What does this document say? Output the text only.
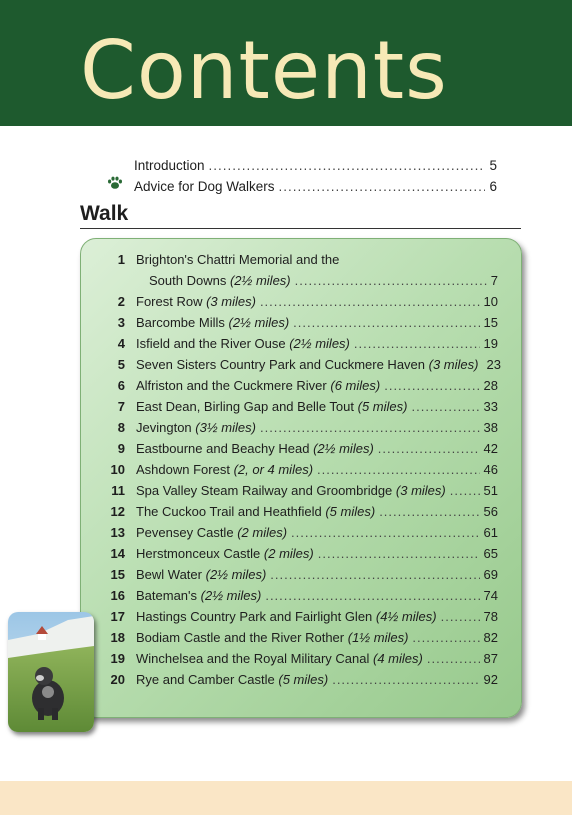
Contents
Introduction .....	5
Advice for Dog Walkers .....	6
Walk
1 Brighton's Chattri Memorial and the
South Downs (2½ miles) .....	7
2 Forest Row (3 miles) .....	10
3 Barcombe Mills (2½ miles) .....	15
4 Isfield and the River Ouse (2½ miles) .....	19
5 Seven Sisters Country Park and Cuckmere Haven (3 miles) 23
6 Alfriston and the Cuckmere River (6 miles) .....	28
7 East Dean, Birling Gap and Belle Tout (5 miles) .....	33
8 Jevington (3½ miles) .....	38
9 Eastbourne and Beachy Head (2½ miles) .....	42
10 Ashdown Forest (2, or 4 miles) .....	46
11 Spa Valley Steam Railway and Groombridge (3 miles) .....	51
12 The Cuckoo Trail and Heathfield (5 miles) .....	56
13 Pevensey Castle (2 miles) .....	61
14 Herstmonceux Castle (2 miles) .....	65
15 Bewl Water (2½ miles) .....	69
16 Bateman's (2½ miles) .....	74
17 Hastings Country Park and Fairlight Glen (4½ miles) .....	78
18 Bodiam Castle and the River Rother (1½ miles) .....	82
19 Winchelsea and the Royal Military Canal (4 miles) .....	87
20 Rye and Camber Castle (5 miles) .....	92
